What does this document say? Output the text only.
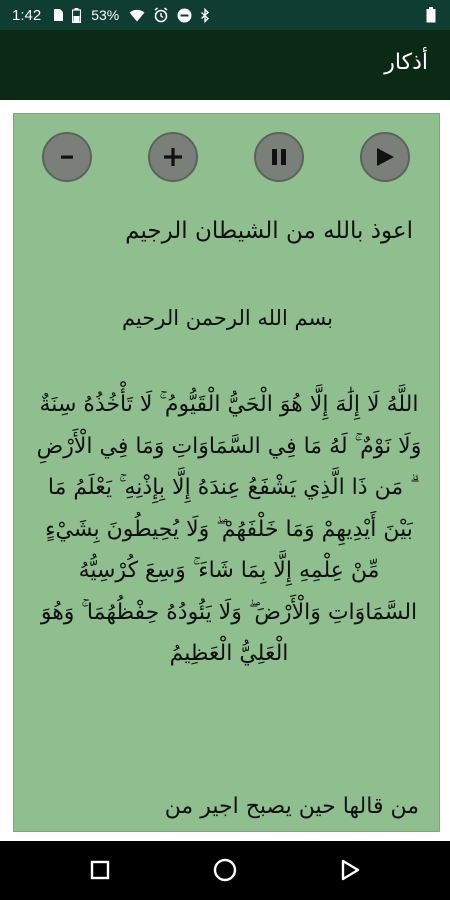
1:42	53%
أذكار
اعوذ بالله من الشيطان الرجيم
بسم الله الرحمن الرحيم
اللَّهُ لَا إِلَٰهَ إِلَّا هُوَ الْحَيُّ الْقَيُّومُ ۚ لَا تَأْخُذُهُ سِنَةٌ وَلَا نَوْمٌ ۚ لَهُ مَا فِي السَّمَاوَاتِ وَمَا فِي الْأَرْضِ ۗ مَن ذَا الَّذِي يَشْفَعُ عِندَهُ إِلَّا بِإِذْنِهِ ۚ يَعْلَمُ مَا بَيْنَ أَيْدِيهِمْ وَمَا خَلْفَهُمْ ۖ وَلَا يُحِيطُونَ بِشَيْءٍ مِّنْ عِلْمِهِ إِلَّا بِمَا شَاءَ ۚ وَسِعَ كُرْسِيُّهُ السَّمَاوَاتِ وَالْأَرْضَ ۖ وَلَا يَئُودُهُ حِفْظُهُمَا ۚ وَهُوَ الْعَلِيُّ الْعَظِيمُ
من قالها حين يصبح اجير من
